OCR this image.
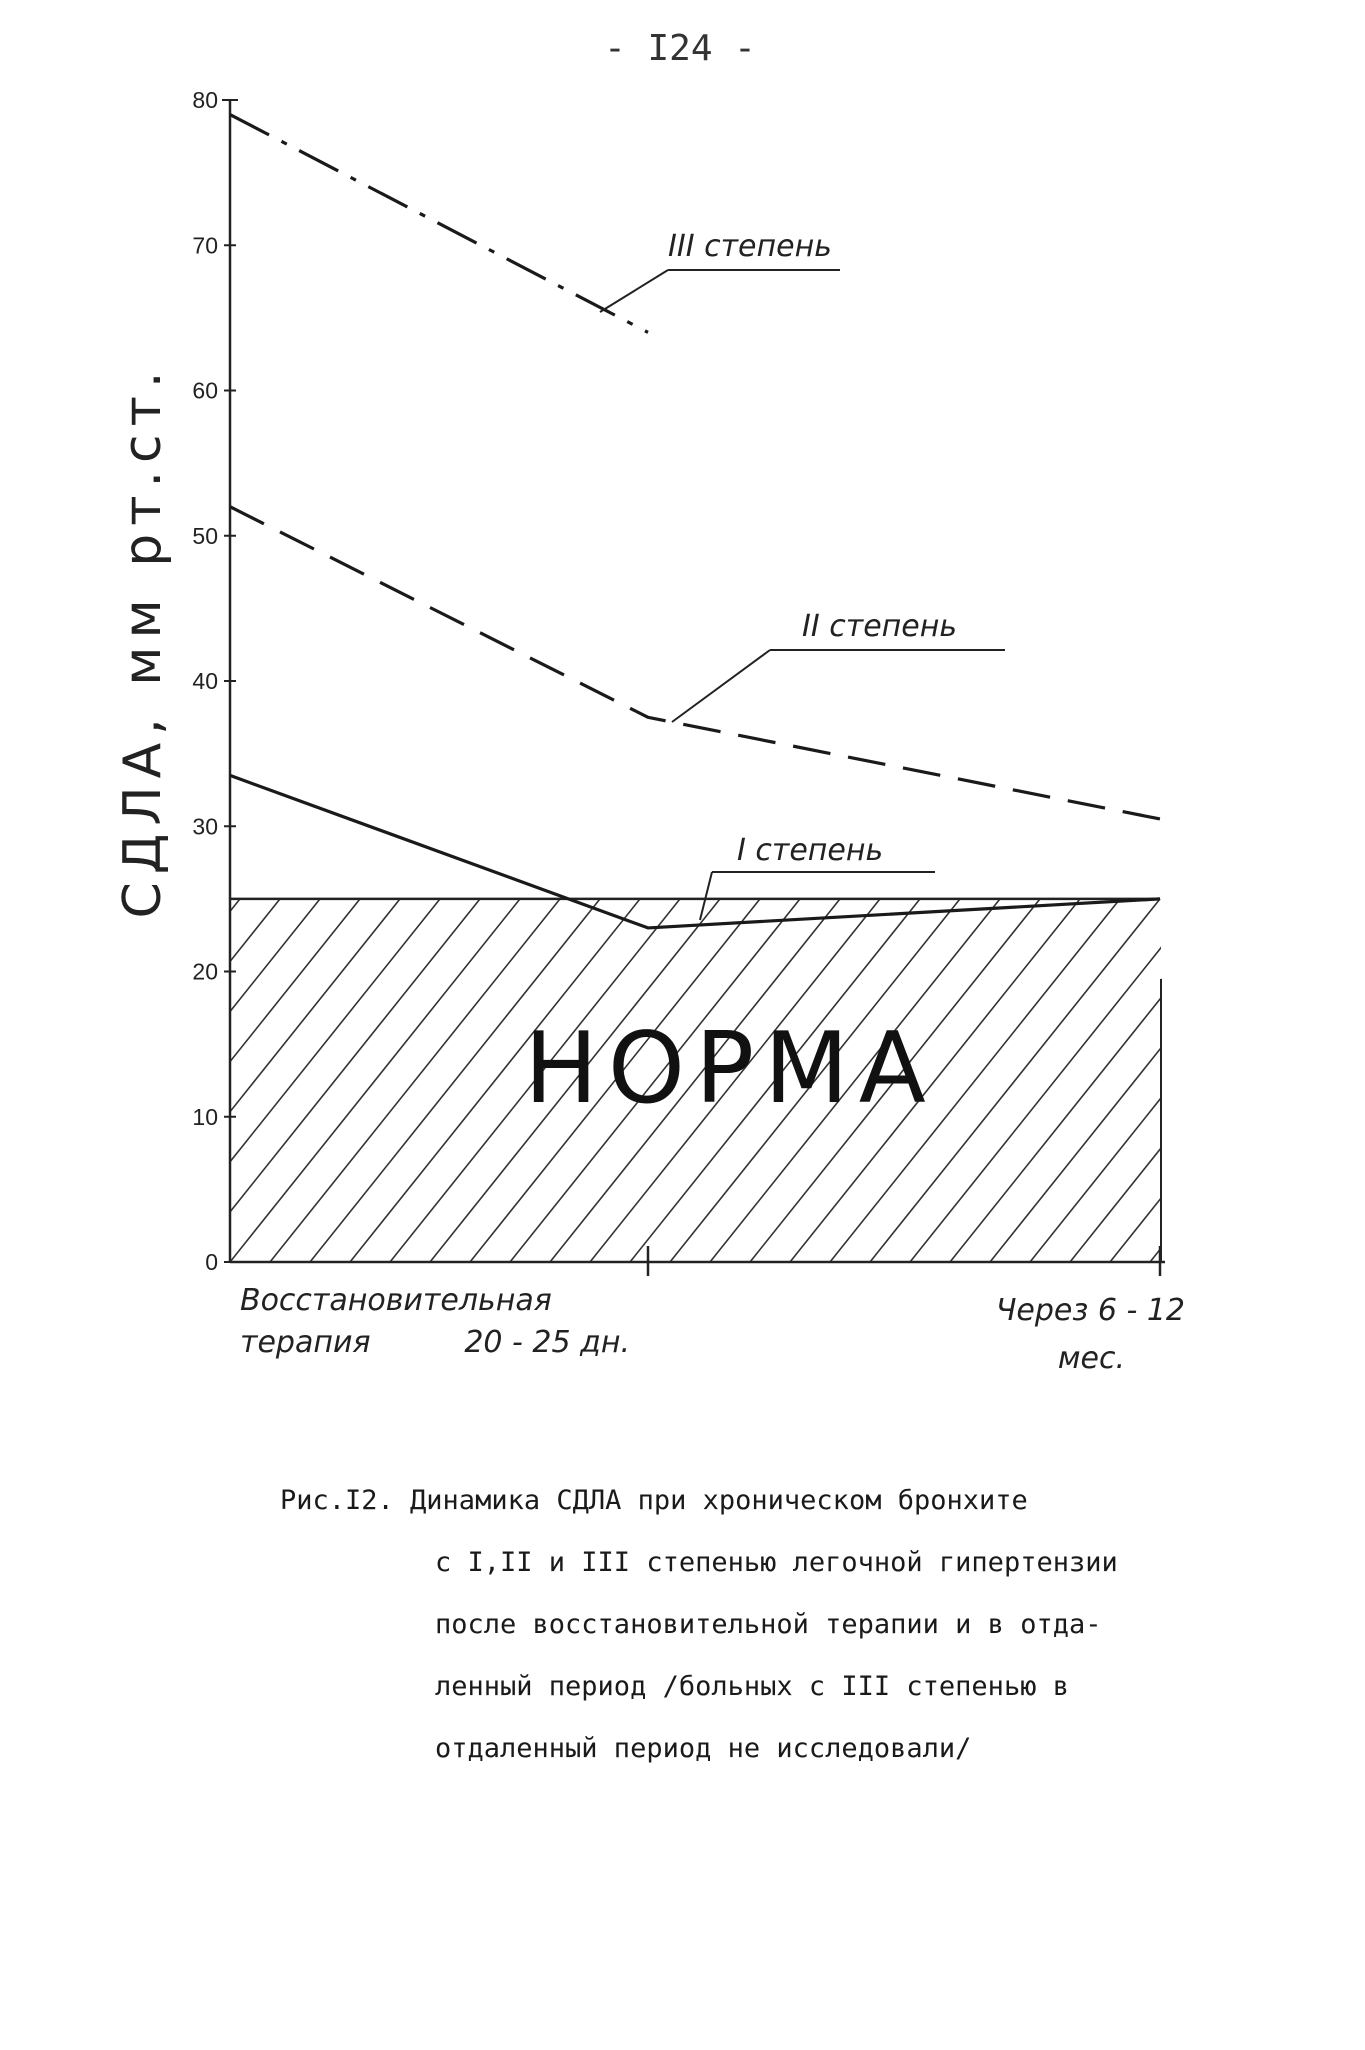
- I24 -
НОРМА
0
10
20
30
40
50
60
70
80
СДЛА, мм рт.ст.
III степень
II степень
I степень
Восстановительная
терапия	20 - 25 дн.
Через 6 - 12
мес.
Рис.I2. Динамика СДЛА при хроническом бронхите
с I,II и III степенью легочной гипертензии
после восстановительной терапии и в отда-
ленный период /больных с III степенью в
отдаленный период не исследовали/
